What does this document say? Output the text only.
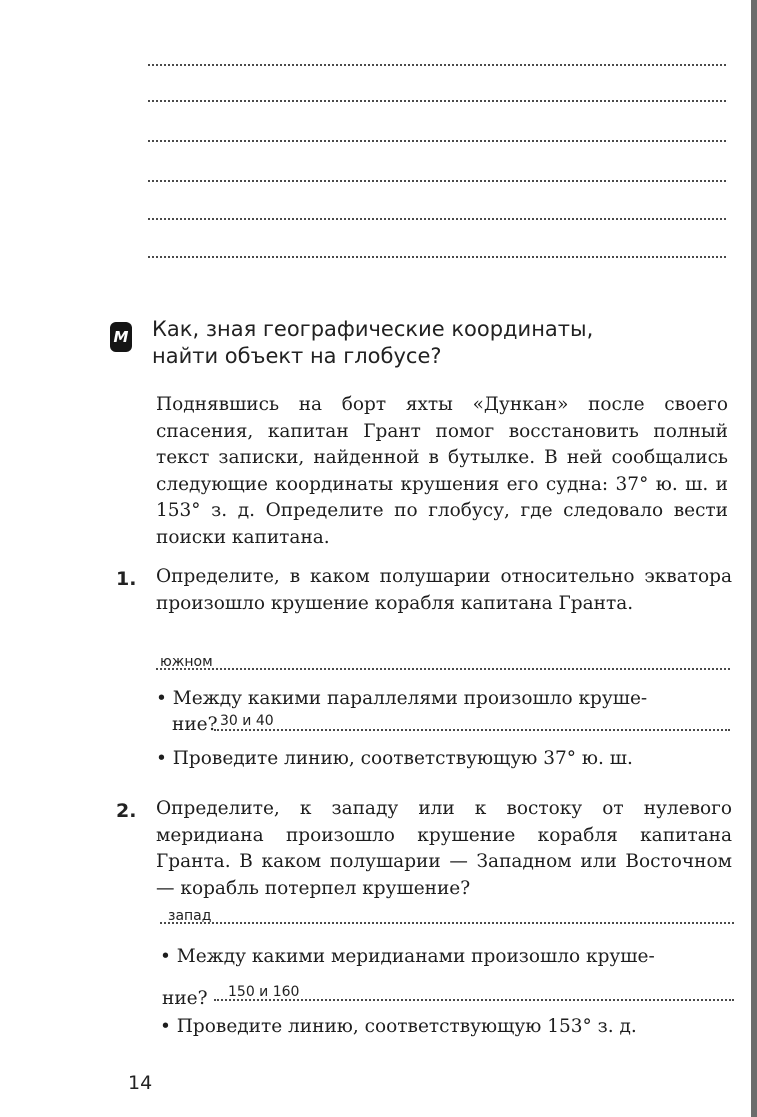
М Как, зная географические координаты,
найти объект на глобусе?
Поднявшись на борт яхты «Дункан» после своего спасения, капитан Грант помог восстановить полный текст записки, найденной в бутылке. В ней сообщались следующие координаты крушения его судна: 37° ю. ш. и 153° з. д. Определите по глобусу, где следовало вести поиски капитана.
1. Определите, в каком полушарии относительно экватора произошло крушение корабля капитана Гранта.
южном
• Между какими параллелями произошло круше-
ние? 30 и 40
• Проведите линию, соответствующую 37° ю. ш.
2. Определите, к западу или к востоку от нулевого меридиана произошло крушение корабля капитана Гранта. В каком полушарии — Западном или Восточном — корабль потерпел крушение?
запад
• Между какими меридианами произошло круше-
ние? 150 и 160
• Проведите линию, соответствующую 153° з. д.
14
